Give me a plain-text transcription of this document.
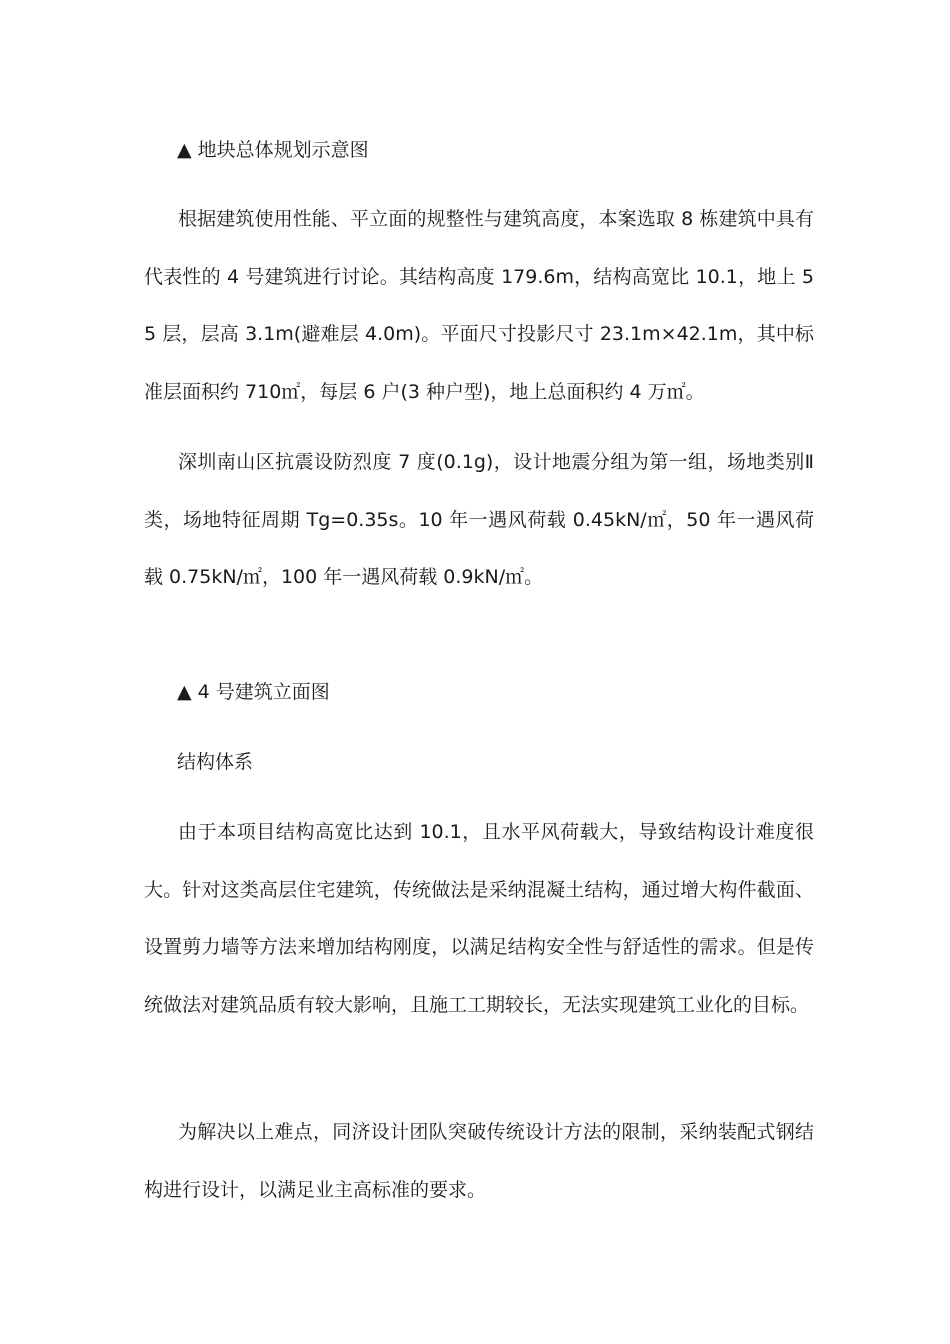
▲ 地块总体规划示意图

根据建筑使用性能、平立面的规整性与建筑高度，本案选取 8 栋建筑中具有代表性的 4 号建筑进行讨论。其结构高度 179.6m，结构高宽比 10.1，地上 55 层，层高 3.1m(避难层 4.0m)。平面尺寸投影尺寸 23.1m×42.1m，其中标准层面积约 710㎡，每层 6 户(3 种户型)，地上总面积约 4 万㎡。

深圳南山区抗震设防烈度 7 度(0.1g)，设计地震分组为第一组，场地类别Ⅱ类，场地特征周期 Tg=0.35s。10 年一遇风荷载 0.45kN/㎡，50 年一遇风荷载 0.75kN/㎡，100 年一遇风荷载 0.9kN/㎡。

▲ 4 号建筑立面图

结构体系

由于本项目结构高宽比达到 10.1，且水平风荷载大，导致结构设计难度很大。针对这类高层住宅建筑，传统做法是采纳混凝土结构，通过增大构件截面、设置剪力墙等方法来增加结构刚度，以满足结构安全性与舒适性的需求。但是传统做法对建筑品质有较大影响，且施工工期较长，无法实现建筑工业化的目标。

为解决以上难点，同济设计团队突破传统设计方法的限制，采纳装配式钢结构进行设计，以满足业主高标准的要求。
